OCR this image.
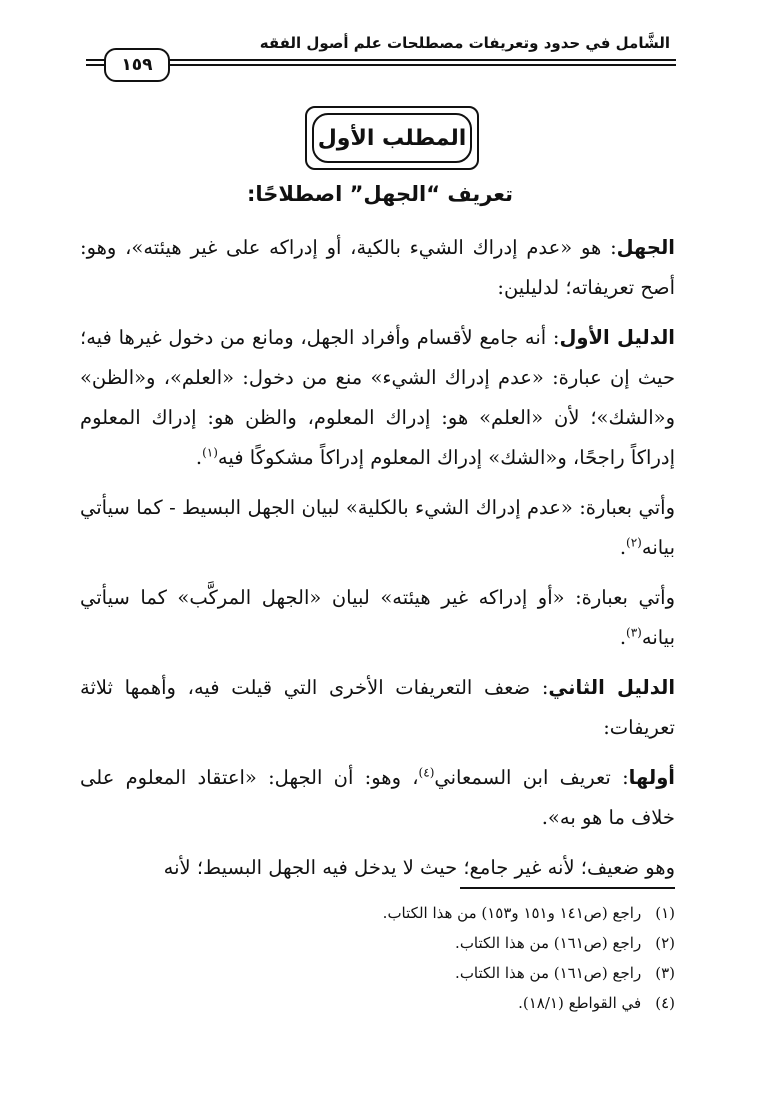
الشَّامل في حدود وتعريفات مصطلحات علم أصول الفقه
١٥٩
المطلب الأول
تعريف “الجهل” اصطلاحًا:

الجهل: هو «عدم إدراك الشيء بالكية، أو إدراكه على غير هيئته»، وهو: أصح تعريفاته؛ لدليلين:

الدليل الأول: أنه جامع لأقسام وأفراد الجهل، ومانع من دخول غيرها فيه؛ حيث إن عبارة: «عدم إدراك الشيء» منع من دخول: «العلم»، و«الظن» و«الشك»؛ لأن «العلم» هو: إدراك المعلوم، والظن هو: إدراك المعلوم إدراكاً راجحًا، و«الشك» إدراك المعلوم إدراكاً مشكوكًا فيه$^{(١)}$.

وأتي بعبارة: «عدم إدراك الشيء بالكلية» لبيان الجهل البسيط - كما سيأتي بيانه$^{(٢)}$.

وأتي بعبارة: «أو إدراكه غير هيئته» لبيان «الجهل المركَّب» كما سيأتي بيانه$^{(٣)}$.

الدليل الثاني: ضعف التعريفات الأخرى التي قيلت فيه، وأهمها ثلاثة تعريفات:

أولها: تعريف ابن السمعاني$^{(٤)}$، وهو: أن الجهل: «اعتقاد المعلوم على خلاف ما هو به».

وهو ضعيف؛ لأنه غير جامع؛ حيث لا يدخل فيه الجهل البسيط؛ لأنه

(١)راجع (ص١٤١ و١٥١ و١٥٣) من هذا الكتاب.
(٢)راجع (ص١٦١) من هذا الكتاب.
(٣)راجع (ص١٦١) من هذا الكتاب.
(٤)في القواطع (١٨/١).
